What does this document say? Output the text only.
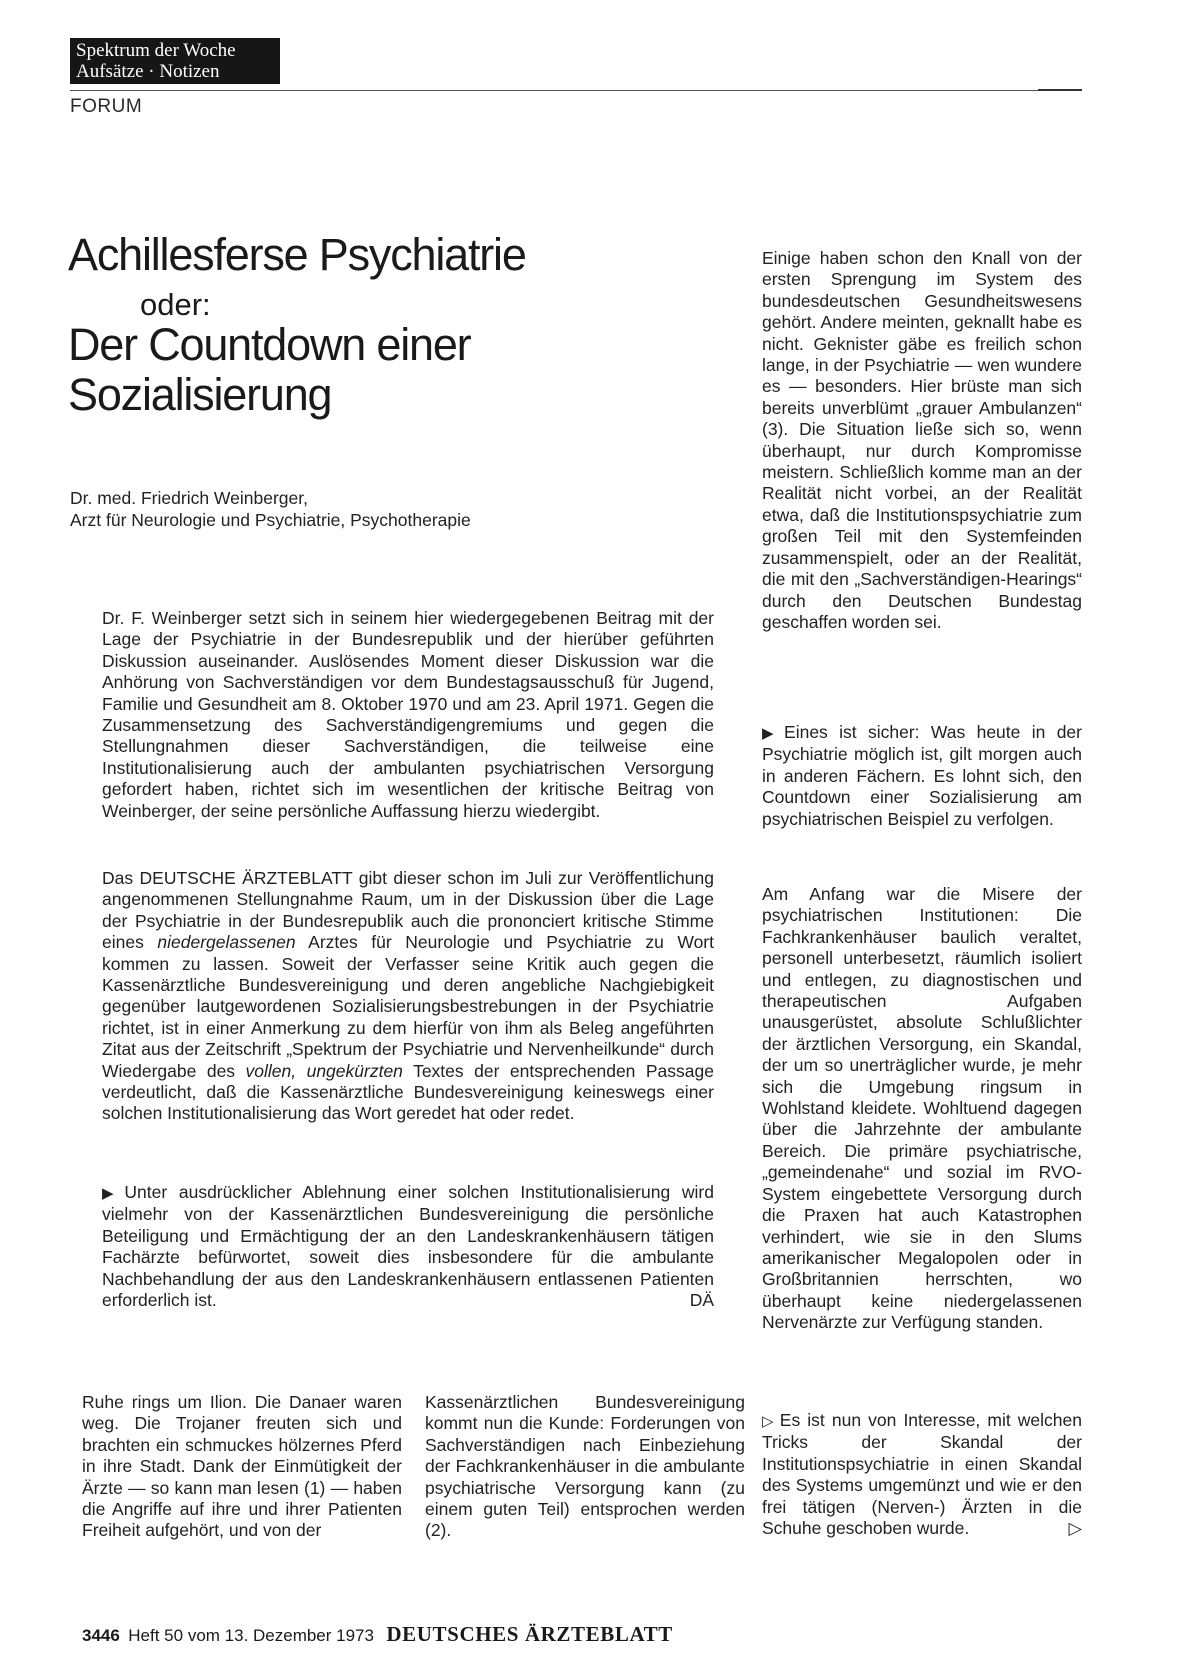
Spektrum der Woche
Aufsätze · Notizen
FORUM
Achillesferse Psychiatrie
oder:
Der Countdown einer
Sozialisierung
Dr. med. Friedrich Weinberger,
Arzt für Neurologie und Psychiatrie, Psychotherapie

Dr. F. Weinberger setzt sich in seinem hier wiedergegebenen Beitrag mit der Lage der Psychiatrie in der Bundesrepublik und der hierüber geführten Diskussion auseinander. Auslösendes Moment dieser Diskussion war die Anhörung von Sachverständigen vor dem Bundestagsausschuß für Jugend, Familie und Gesundheit am 8. Oktober 1970 und am 23. April 1971. Gegen die Zusammensetzung des Sachverständigengremiums und gegen die Stellungnahmen dieser Sachverständigen, die teilweise eine Institutionalisierung auch der ambulanten psychiatrischen Versorgung gefordert haben, richtet sich im wesentlichen der kritische Beitrag von Weinberger, der seine persönliche Auffassung hierzu wiedergibt.

Das DEUTSCHE ÄRZTEBLATT gibt dieser schon im Juli zur Veröffentlichung angenommenen Stellungnahme Raum, um in der Diskussion über die Lage der Psychiatrie in der Bundesrepublik auch die prononciert kritische Stimme eines niedergelassenen Arztes für Neurologie und Psychiatrie zu Wort kommen zu lassen. Soweit der Verfasser seine Kritik auch gegen die Kassenärztliche Bundesvereinigung und deren angebliche Nachgiebigkeit gegenüber lautgewordenen Sozialisierungsbestrebungen in der Psychiatrie richtet, ist in einer Anmerkung zu dem hierfür von ihm als Beleg angeführten Zitat aus der Zeitschrift „Spektrum der Psychiatrie und Nervenheilkunde“ durch Wiedergabe des vollen, ungekürzten Textes der entsprechenden Passage verdeutlicht, daß die Kassenärztliche Bundesvereinigung keineswegs einer solchen Institutionalisierung das Wort geredet hat oder redet.

▶ Unter ausdrücklicher Ablehnung einer solchen Institutionalisierung wird vielmehr von der Kassenärztlichen Bundesvereinigung die persönliche Beteiligung und Ermächtigung der an den Landeskrankenhäusern tätigen Fachärzte befürwortet, soweit dies insbesondere für die ambulante Nachbehandlung der aus den Landeskrankenhäusern entlassenen Patienten erforderlich ist.	DÄ

Einige haben schon den Knall von der ersten Sprengung im System des bundesdeutschen Gesundheitswesens gehört. Andere meinten, geknallt habe es nicht. Geknister gäbe es freilich schon lange, in der Psychiatrie — wen wundere es — besonders. Hier brüste man sich bereits unverblümt „grauer Ambulanzen“ (3). Die Situation ließe sich so, wenn überhaupt, nur durch Kompromisse meistern. Schließlich komme man an der Realität nicht vorbei, an der Realität etwa, daß die Institutionspsychiatrie zum großen Teil mit den Systemfeinden zusammenspielt, oder an der Realität, die mit den „Sachverständigen-Hearings“ durch den Deutschen Bundestag geschaffen worden sei.

▶ Eines ist sicher: Was heute in der Psychiatrie möglich ist, gilt morgen auch in anderen Fächern. Es lohnt sich, den Countdown einer Sozialisierung am psychiatrischen Beispiel zu verfolgen.

Am Anfang war die Misere der psychiatrischen Institutionen: Die Fachkrankenhäuser baulich veraltet, personell unterbesetzt, räumlich isoliert und entlegen, zu diagnostischen und therapeutischen Aufgaben unausgerüstet, absolute Schlußlichter der ärztlichen Versorgung, ein Skandal, der um so unerträglicher wurde, je mehr sich die Umgebung ringsum in Wohlstand kleidete. Wohltuend dagegen über die Jahrzehnte der ambulante Bereich. Die primäre psychiatrische, „gemeindenahe“ und sozial im RVO-System eingebettete Versorgung durch die Praxen hat auch Katastrophen verhindert, wie sie in den Slums amerikanischer Megalopolen oder in Großbritannien herrschten, wo überhaupt keine niedergelassenen Nervenärzte zur Verfügung standen.

▷ Es ist nun von Interesse, mit welchen Tricks der Skandal der Institutionspsychiatrie in einen Skandal des Systems umgemünzt und wie er den frei tätigen (Nerven-) Ärzten in die Schuhe geschoben wurde.	▷

Ruhe rings um Ilion. Die Danaer waren weg. Die Trojaner freuten sich und brachten ein schmuckes hölzernes Pferd in ihre Stadt. Dank der Einmütigkeit der Ärzte — so kann man lesen (1) — haben die Angriffe auf ihre und ihrer Patienten Freiheit aufgehört, und von der

Kassenärztlichen Bundesvereinigung kommt nun die Kunde: Forderungen von Sachverständigen nach Einbeziehung der Fachkrankenhäuser in die ambulante psychiatrische Versorgung kann (zu einem guten Teil) entsprochen werden (2).

3446 Heft 50 vom 13. Dezember 1973 DEUTSCHES ÄRZTEBLATT
